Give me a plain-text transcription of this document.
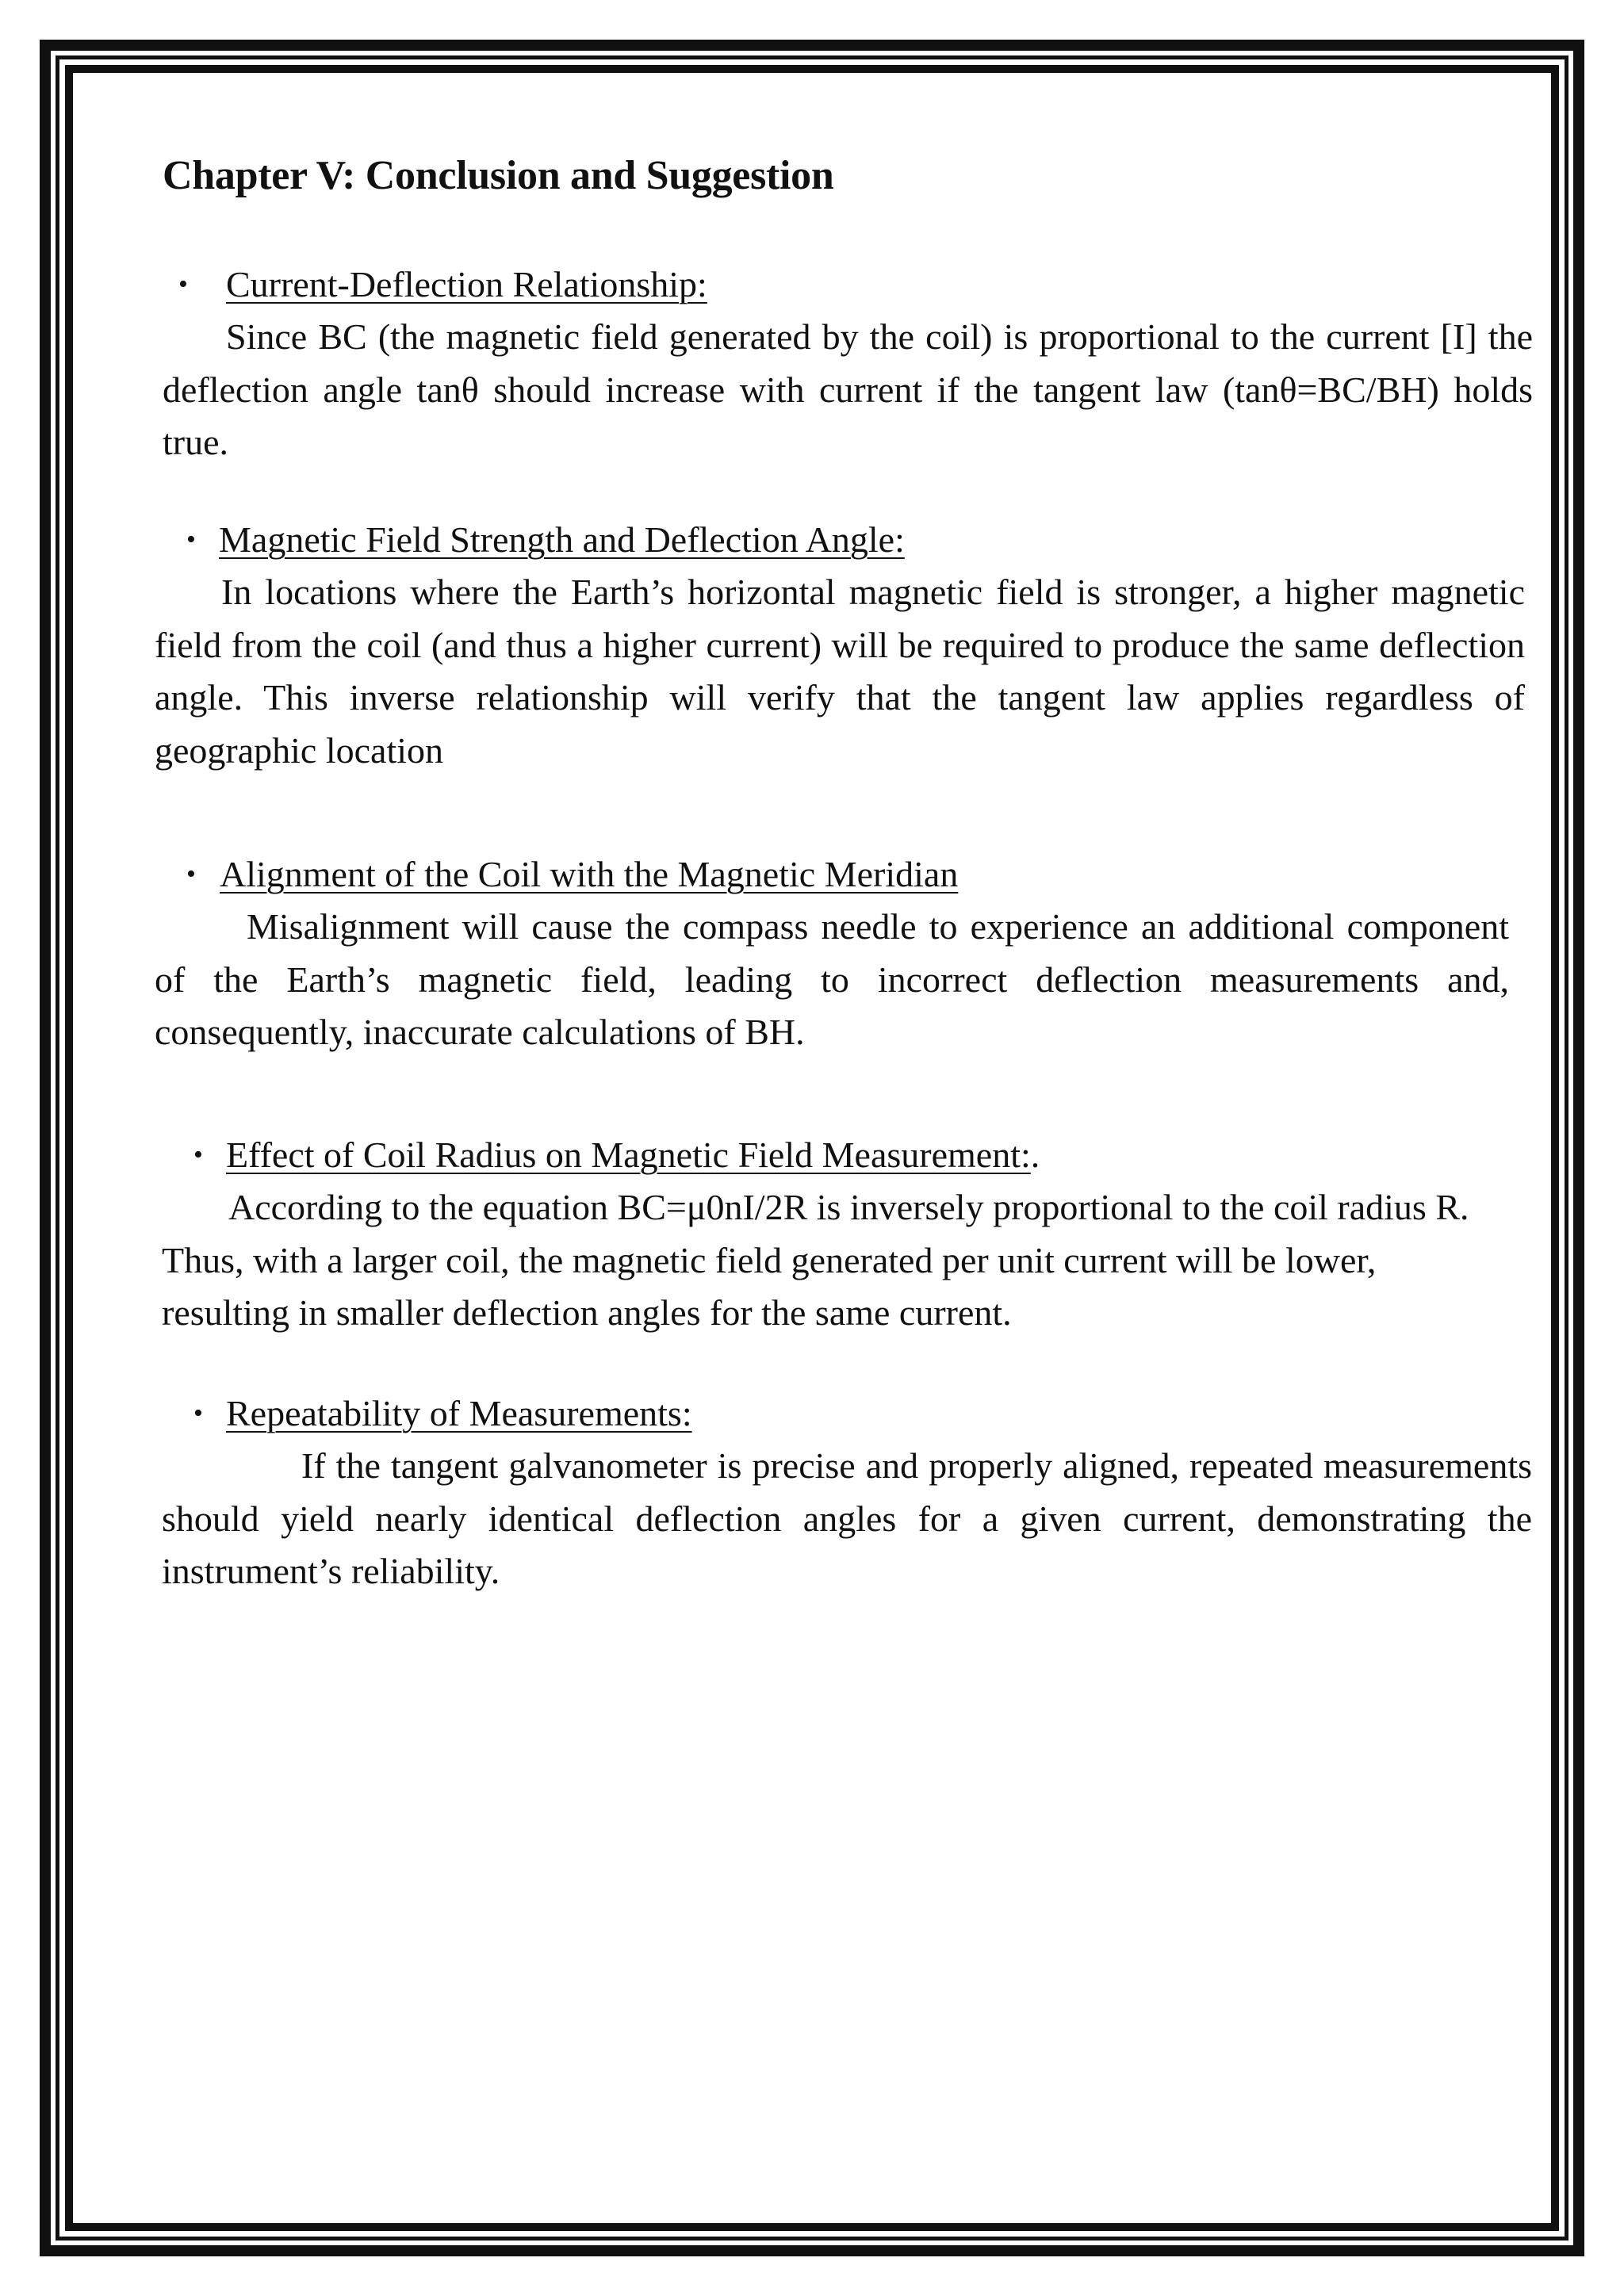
Chapter V: Conclusion and Suggestion
• Current-Deflection Relationship:

Since BC (the magnetic field generated by the coil) is proportional to the current [I] the deflection angle tanθ should increase with current if the tangent law (tanθ=BC/BH) holds true.

• Magnetic Field Strength and Deflection Angle:

In locations where the Earth’s horizontal magnetic field is stronger, a higher magnetic field from the coil (and thus a higher current) will be required to produce the same deflection angle. This inverse relationship will verify that the tangent law applies regardless of geographic location

• Alignment of the Coil with the Magnetic Meridian

Misalignment will cause the compass needle to experience an additional component of the Earth’s magnetic field, leading to incorrect deflection measurements and, consequently, inaccurate calculations of BH.

• Effect of Coil Radius on Magnetic Field Measurement:.

According to the equation BC=μ0nI/2R is inversely proportional to the coil radius R. Thus, with a larger coil, the magnetic field generated per unit current will be lower, resulting in smaller deflection angles for the same current.

• Repeatability of Measurements:

If the tangent galvanometer is precise and properly aligned, repeated measurements should yield nearly identical deflection angles for a given current, demonstrating the instrument’s reliability.
